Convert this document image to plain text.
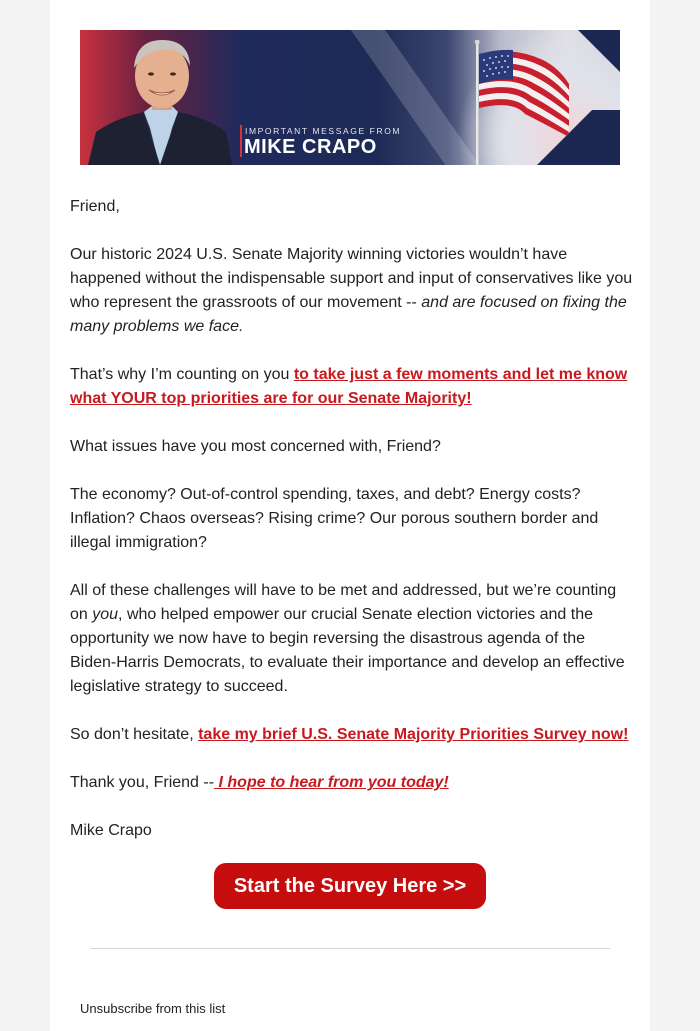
IMPORTANT MESSAGE FROM
MIKE CRAPO

Friend,

Our historic 2024 U.S. Senate Majority winning victories wouldn’t have happened without the indispensable support and input of conservatives like you who represent the grassroots of our movement -- and are focused on fixing the many problems we face.

That’s why I’m counting on you to take just a few moments and let me know what YOUR top priorities are for our Senate Majority!

What issues have you most concerned with, Friend?

The economy? Out-of-control spending, taxes, and debt? Energy costs? Inflation? Chaos overseas? Rising crime? Our porous southern border and illegal immigration?

All of these challenges will have to be met and addressed, but we’re counting on you, who helped empower our crucial Senate election victories and the opportunity we now have to begin reversing the disastrous agenda of the Biden-Harris Democrats, to evaluate their importance and develop an effective legislative strategy to succeed.

So don’t hesitate, take my brief U.S. Senate Majority Priorities Survey now!

Thank you, Friend -- I hope to hear from you today!

Mike Crapo

Start the Survey Here >>
Unsubscribe from this list
